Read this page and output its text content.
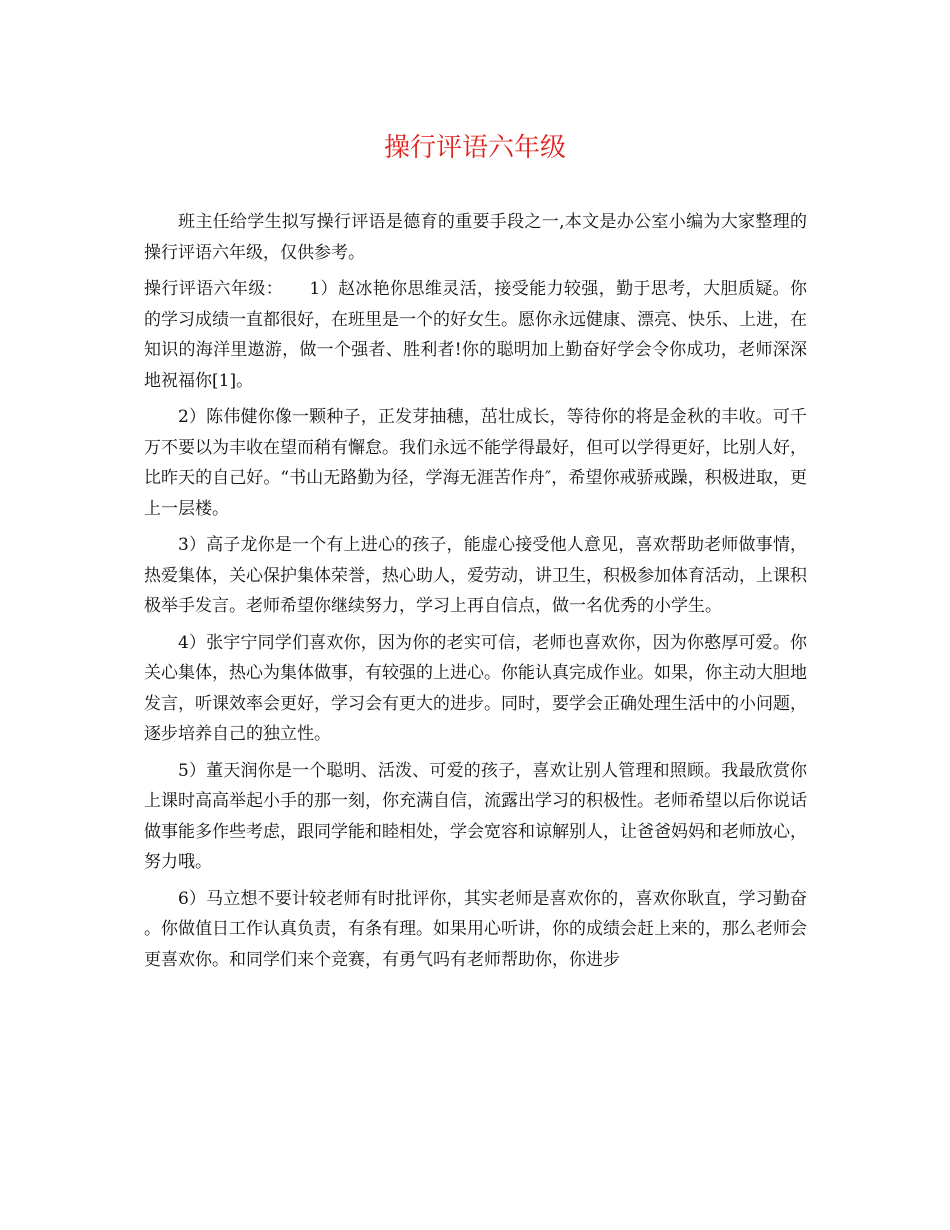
操行评语六年级

班主任给学生拟写操行评语是德育的重要手段之一,本文是办公室小编为大家整理的操行评语六年级，仅供参考。

操行评语六年级：　　1）赵冰艳你思维灵活，接受能力较强，勤于思考，大胆质疑。你的学习成绩一直都很好，在班里是一个的好女生。愿你永远健康、漂亮、快乐、上进，在知识的海洋里遨游，做一个强者、胜利者!你的聪明加上勤奋好学会令你成功，老师深深地祝福你[1]。

2）陈伟健你像一颗种子，正发芽抽穗，茁壮成长，等待你的将是金秋的丰收。可千万不要以为丰收在望而稍有懈怠。我们永远不能学得最好，但可以学得更好，比别人好，比昨天的自己好。“书山无路勤为径，学海无涯苦作舟″，希望你戒骄戒躁，积极进取，更上一层楼。

3）高子龙你是一个有上进心的孩子，能虚心接受他人意见，喜欢帮助老师做事情，热爱集体，关心保护集体荣誉，热心助人，爱劳动，讲卫生，积极参加体育活动，上课积极举手发言。老师希望你继续努力，学习上再自信点，做一名优秀的小学生。

4）张宇宁同学们喜欢你，因为你的老实可信，老师也喜欢你，因为你憨厚可爱。你关心集体，热心为集体做事，有较强的上进心。你能认真完成作业。如果，你主动大胆地发言，听课效率会更好，学习会有更大的进步。同时，要学会正确处理生活中的小问题，逐步培养自己的独立性。

5）董天润你是一个聪明、活泼、可爱的孩子，喜欢让别人管理和照顾。我最欣赏你上课时高高举起小手的那一刻，你充满自信，流露出学习的积极性。老师希望以后你说话做事能多作些考虑，跟同学能和睦相处，学会宽容和谅解别人，让爸爸妈妈和老师放心，努力哦。

6）马立想不要计较老师有时批评你，其实老师是喜欢你的，喜欢你耿直，学习勤奋。你做值日工作认真负责，有条有理。如果用心听讲，你的成绩会赶上来的，那么老师会更喜欢你。和同学们来个竞赛，有勇气吗有老师帮助你，你进步
